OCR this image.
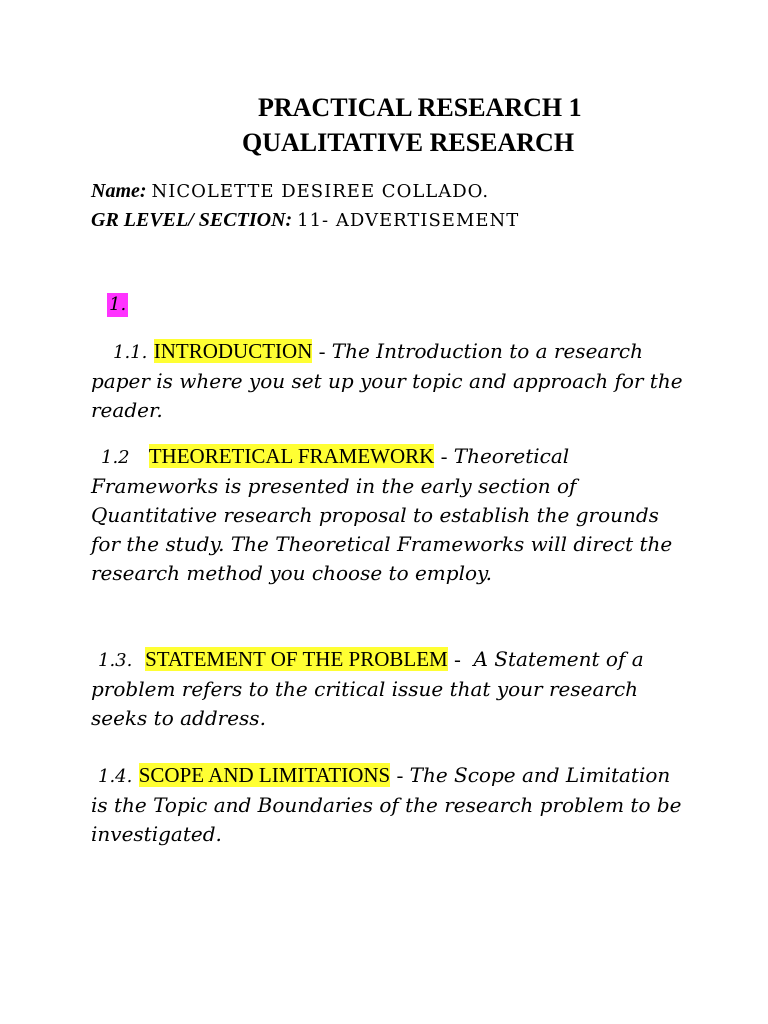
PRACTICAL RESEARCH 1
QUALITATIVE RESEARCH
Name: NICOLETTE DESIREE COLLADO.
GR LEVEL/ SECTION: 11- ADVERTISEMENT
1.

1.1. INTRODUCTION - The Introduction to a research paper is where you set up your topic and approach for the reader.

1.2 THEORETICAL FRAMEWORK - Theoretical Frameworks is presented in the early section of Quantitative research proposal to establish the grounds for the study. The Theoretical Frameworks will direct the research method you choose to employ.

1.3. STATEMENT OF THE PROBLEM - A Statement of a problem refers to the critical issue that your research seeks to address.

1.4. SCOPE AND LIMITATIONS - The Scope and Limitation is the Topic and Boundaries of the research problem to be investigated.
